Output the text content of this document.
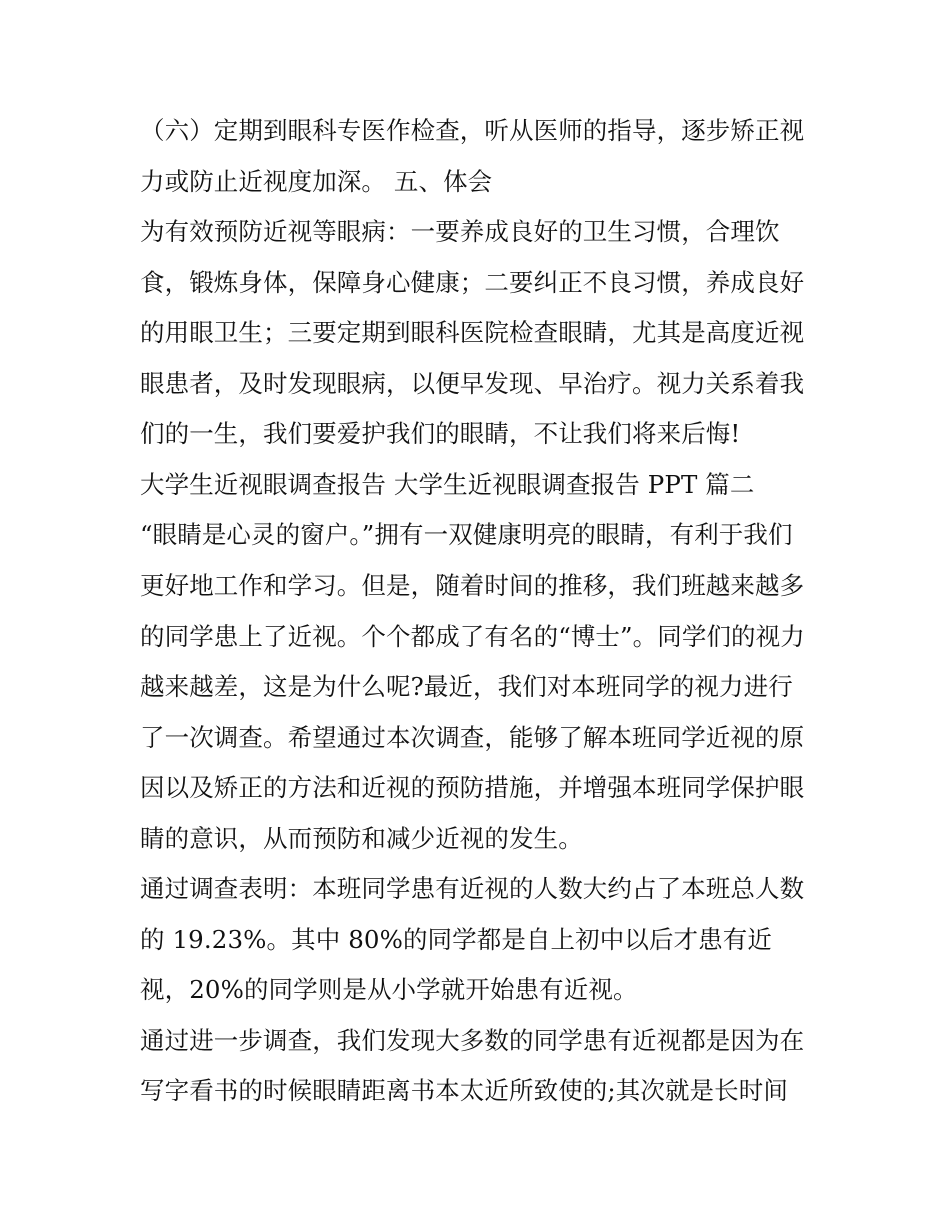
（六）定期到眼科专医作检查，听从医师的指导，逐步矫正视
力或防止近视度加深。 五、体会
为有效预防近视等眼病：一要养成良好的卫生习惯，合理饮
食，锻炼身体，保障身心健康；二要纠正不良习惯，养成良好
的用眼卫生；三要定期到眼科医院检查眼睛，尤其是高度近视
眼患者，及时发现眼病，以便早发现、早治疗。视力关系着我
们的一生，我们要爱护我们的眼睛，不让我们将来后悔!
大学生近视眼调查报告 大学生近视眼调查报告 PPT 篇二
“眼睛是心灵的窗户。”拥有一双健康明亮的眼睛，有利于我们
更好地工作和学习。但是，随着时间的推移，我们班越来越多
的同学患上了近视。个个都成了有名的“博士”。同学们的视力
越来越差，这是为什么呢?最近，我们对本班同学的视力进行
了一次调查。希望通过本次调查，能够了解本班同学近视的原
因以及矫正的方法和近视的预防措施，并增强本班同学保护眼
睛的意识，从而预防和减少近视的发生。
通过调查表明：本班同学患有近视的人数大约占了本班总人数
的 19.23%。其中 80%的同学都是自上初中以后才患有近
视，20%的同学则是从小学就开始患有近视。
通过进一步调查，我们发现大多数的同学患有近视都是因为在
写字看书的时候眼睛距离书本太近所致使的;其次就是长时间
